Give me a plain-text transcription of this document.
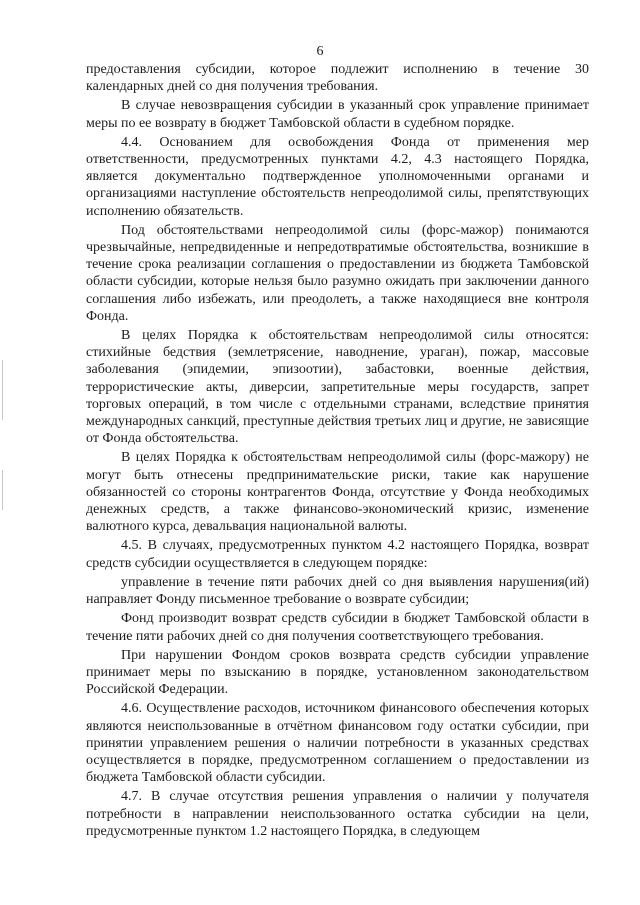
6

предоставления субсидии, которое подлежит исполнению в течение 30 календарных дней со дня получения требования.

В случае невозвращения субсидии в указанный срок управление принимает меры по ее возврату в бюджет Тамбовской области в судебном порядке.

4.4. Основанием для освобождения Фонда от применения мер ответственности, предусмотренных пунктами 4.2, 4.3 настоящего Порядка, является документально подтвержденное уполномоченными органами и организациями наступление обстоятельств непреодолимой силы, препятствующих исполнению обязательств.

Под обстоятельствами непреодолимой силы (форс-мажор) понимаются чрезвычайные, непредвиденные и непредотвратимые обстоятельства, возникшие в течение срока реализации соглашения о предоставлении из бюджета Тамбовской области субсидии, которые нельзя было разумно ожидать при заключении данного соглашения либо избежать, или преодолеть, а также находящиеся вне контроля Фонда.

В целях Порядка к обстоятельствам непреодолимой силы относятся: стихийные бедствия (землетрясение, наводнение, ураган), пожар, массовые заболевания (эпидемии, эпизоотии), забастовки, военные действия, террористические акты, диверсии, запретительные меры государств, запрет торговых операций, в том числе с отдельными странами, вследствие принятия международных санкций, преступные действия третьих лиц и другие, не зависящие от Фонда обстоятельства.

В целях Порядка к обстоятельствам непреодолимой силы (форс-мажору) не могут быть отнесены предпринимательские риски, такие как нарушение обязанностей со стороны контрагентов Фонда, отсутствие у Фонда необходимых денежных средств, а также финансово-экономический кризис, изменение валютного курса, девальвация национальной валюты.

4.5. В случаях, предусмотренных пунктом 4.2 настоящего Порядка, возврат средств субсидии осуществляется в следующем порядке:

управление в течение пяти рабочих дней со дня выявления нарушения(ий) направляет Фонду письменное требование о возврате субсидии;

Фонд производит возврат средств субсидии в бюджет Тамбовской области в течение пяти рабочих дней со дня получения соответствующего требования.

При нарушении Фондом сроков возврата средств субсидии управление принимает меры по взысканию в порядке, установленном законодательством Российской Федерации.

4.6. Осуществление расходов, источником финансового обеспечения которых являются неиспользованные в отчётном финансовом году остатки субсидии, при принятии управлением решения о наличии потребности в указанных средствах осуществляется в порядке, предусмотренном соглашением о предоставлении из бюджета Тамбовской области субсидии.

4.7. В случае отсутствия решения управления о наличии у получателя потребности в направлении неиспользованного остатка субсидии на цели, предусмотренные пунктом 1.2 настоящего Порядка, в следующем
